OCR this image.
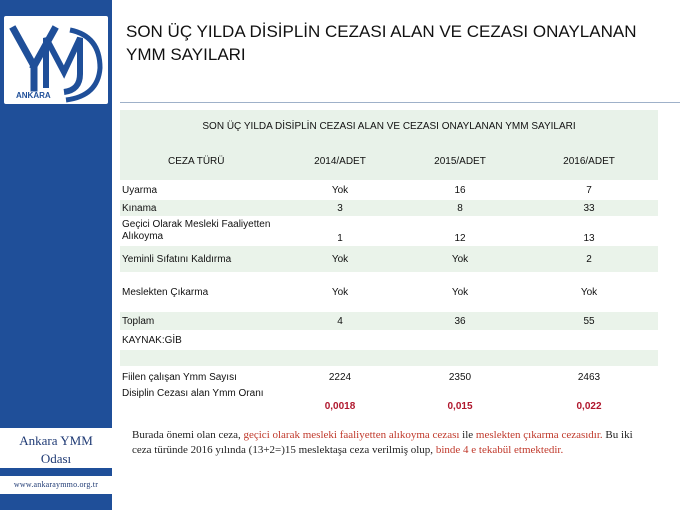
ANKARA
Ankara YMM Odası
www.ankaraymmo.org.tr
SON ÜÇ YILDA DİSİPLİN CEZASI ALAN VE CEZASI ONAYLANAN YMM SAYILARI
SON ÜÇ YILDA DİSİPLİN CEZASI ALAN VE CEZASI ONAYLANAN YMM SAYILARI			
CEZA TÜRÜ	2014/ADET	2015/ADET	2016/ADET
Uyarma	Yok	16	7
Kınama	3	8	33
Geçici Olarak Mesleki Faaliyetten Alıkoyma	1	12	13
Yeminli Sıfatını Kaldırma	Yok	Yok	2
Meslekten Çıkarma	Yok	Yok	Yok
Toplam	4	36	55
KAYNAK:GİB			

Fiilen çalışan Ymm Sayısı	2224	2350	2463
Disiplin Cezası alan Ymm Oranı	0,0018	0,015	0,022
Burada önemi olan ceza, geçici olarak mesleki faaliyetten alıkoyma cezası ile meslekten çıkarma cezasıdır. Bu iki ceza türünde 2016 yılında (13+2=)15 meslektaşa ceza verilmiş olup, binde 4 e tekabül etmektedir.
